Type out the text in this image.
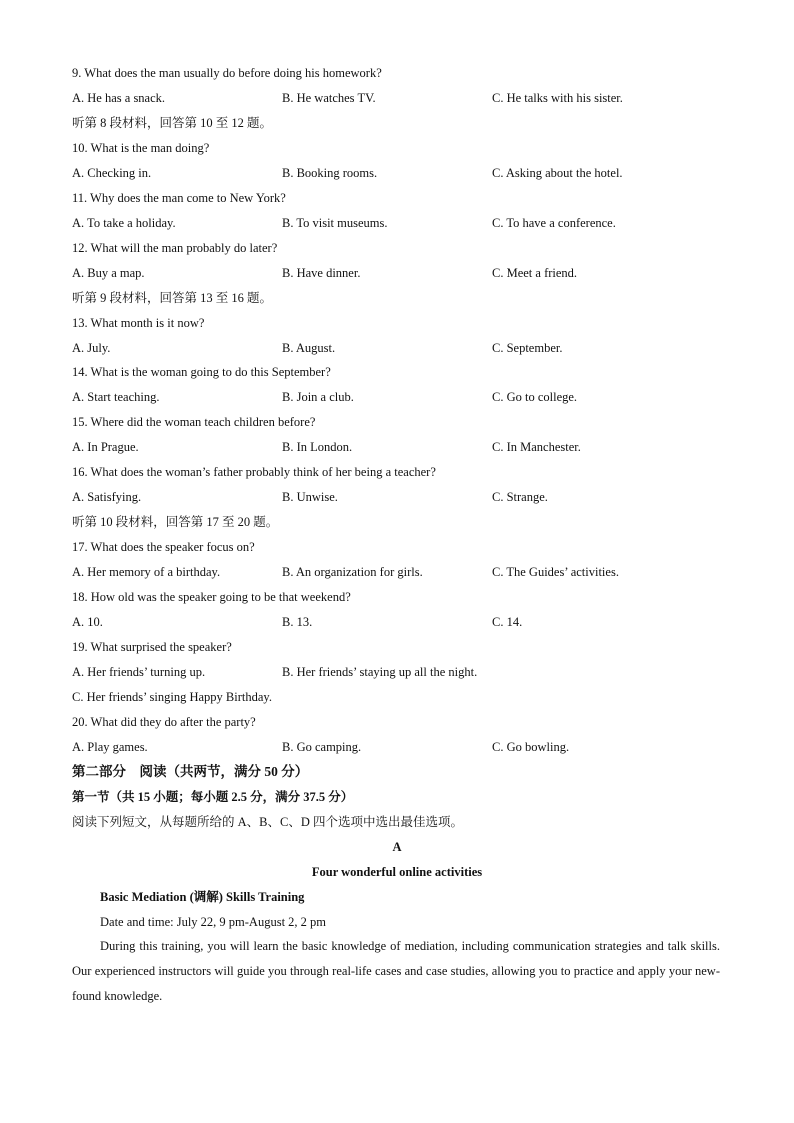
9. What does the man usually do before doing his homework?
A. He has a snack.	B. He watches TV.	C. He talks with his sister.
听第 8 段材料，回答第 10 至 12 题。
10. What is the man doing?
A. Checking in.	B. Booking rooms.	C. Asking about the hotel.
11. Why does the man come to New York?
A. To take a holiday.	B. To visit museums.	C. To have a conference.
12. What will the man probably do later?
A. Buy a map.	B. Have dinner.	C. Meet a friend.
听第 9 段材料，回答第 13 至 16 题。
13. What month is it now?
A. July.	B. August.	C. September.
14. What is the woman going to do this September?
A. Start teaching.	B. Join a club.	C. Go to college.
15. Where did the woman teach children before?
A. In Prague.	B. In London.	C. In Manchester.
16. What does the woman’s father probably think of her being a teacher?
A. Satisfying.	B. Unwise.	C. Strange.
听第 10 段材料，回答第 17 至 20 题。
17. What does the speaker focus on?
A. Her memory of a birthday.	B. An organization for girls.	C. The Guides’ activities.
18. How old was the speaker going to be that weekend?
A. 10.	B. 13.	C. 14.
19. What surprised the speaker?
A. Her friends’ turning up.	B. Her friends’ staying up all the night.
C. Her friends’ singing Happy Birthday.
20. What did they do after the party?
A. Play games.	B. Go camping.	C. Go bowling.
第二部分　阅读（共两节，满分 50 分）
第一节（共 15 小题；每小题 2.5 分，满分 37.5 分）
阅读下列短文，从每题所给的 A、B、C、D 四个选项中选出最佳选项。
A
Four wonderful online activities
Basic Mediation (调解) Skills Training
Date and time: July 22, 9 pm-August 2, 2 pm

During this training, you will learn the basic knowledge of mediation, including communication strategies and talk skills. Our experienced instructors will guide you through real-life cases and case studies, allowing you to practice and apply your new-found knowledge.
